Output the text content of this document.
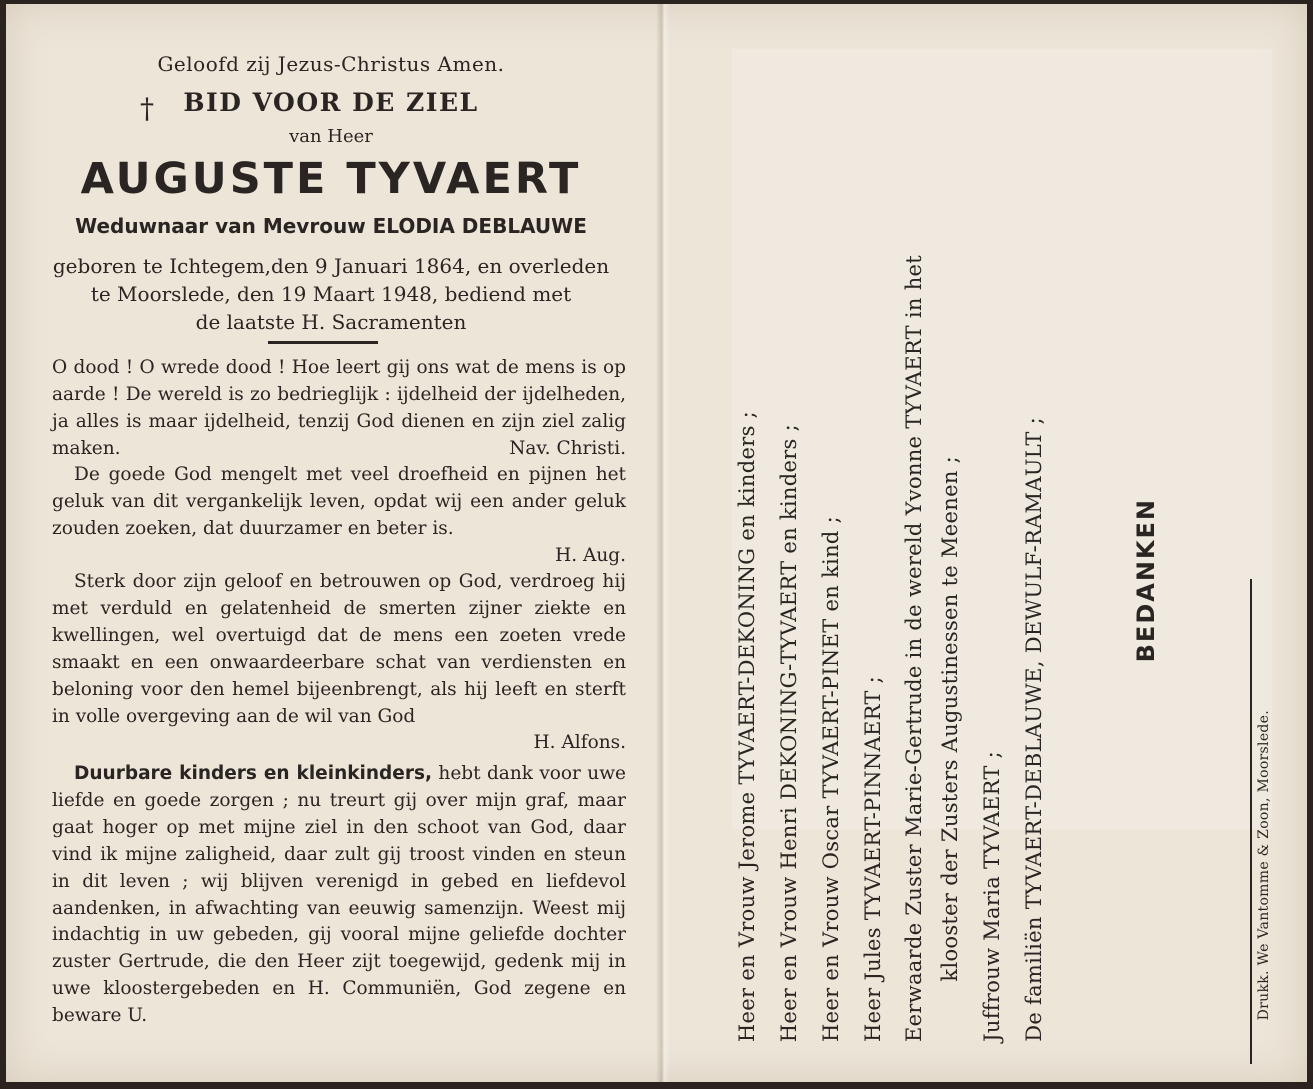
Geloofd zij Jezus-Christus Amen.
†	BID VOOR DE ZIEL
van Heer
AUGUSTE TYVAERT
Weduwnaar van Mevrouw ELODIA DEBLAUWE
geboren te Ichtegem,den 9 Januari 1864, en overleden
te Moorslede, den 19 Maart 1948, bediend met
de laatste H. Sacramenten
O dood ! O wrede dood ! Hoe leert gij ons wat de mens is op aarde ! De wereld is zo bedrieglijk : ijdelheid der ijdelheden, ja alles is maar ijdelheid, tenzij God dienen en zijn ziel zalig maken.	Nav. Christi.
De goede God mengelt met veel droefheid en pijnen het geluk van dit vergankelijk leven, opdat wij een ander geluk zouden zoeken, dat duurzamer en beter is.
H. Aug.
Sterk door zijn geloof en betrouwen op God, verdroeg hij met verduld en gelatenheid de smerten zijner ziekte en kwellingen, wel overtuigd dat de mens een zoeten vrede smaakt en een onwaardeerbare schat van verdiensten en beloning voor den hemel bijeenbrengt, als hij leeft en sterft in volle overgeving aan de wil van God
H. Alfons.
Duurbare kinders en kleinkinders, hebt dank voor uwe liefde en goede zorgen ; nu treurt gij over mijn graf, maar gaat hoger op met mijne ziel in den schoot van God, daar vind ik mijne zaligheid, daar zult gij troost vinden en steun in dit leven ; wij blijven verenigd in gebed en liefdevol aandenken, in afwachting van eeuwig samenzijn. Weest mij indachtig in uw gebeden, gij vooral mijne geliefde dochter zuster Gertrude, die den Heer zijt toegewijd, gedenk mij in uwe kloostergebeden en H. Communiën, God zegene en beware U.	Heer en Vrouw Jerome TYVAERT-DEKONING en kinders ; Heer en Vrouw Henri DEKONING-TYVAERT en kinders ; Heer en Vrouw Oscar TYVAERT-PINET en kind ; Heer Jules TYVAERT-PINNAERT ; Eerwaarde Zuster Marie-Gertrude in de wereld Yvonne TYVAERT in het klooster der Zusters Augustinessen te Meenen ; Juffrouw Maria TYVAERT ; De familiën TYVAERT-DEBLAUWE, DEWULF-RAMAULT ;	BEDANKEN
Drukk. We Vantomme & Zoon, Moorslede.
